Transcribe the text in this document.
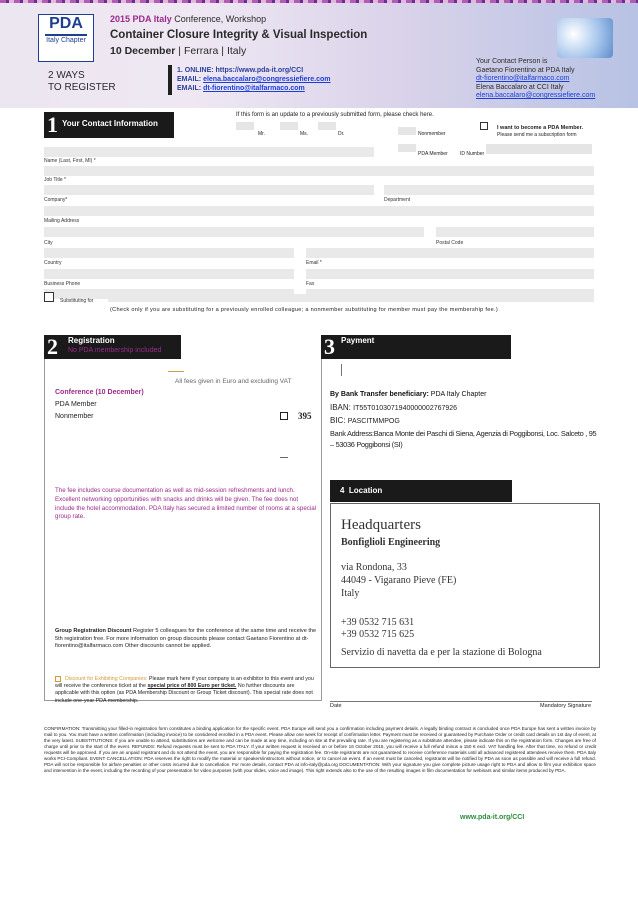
PDA
Italy Chapter
2015 PDA Italy Conference, Workshop
Container Closure Integrity & Visual Inspection
10 December | Ferrara | Italy
2 WAYS
TO REGISTER
1. ONLINE: https://www.pda-it.org/CCI
EMAIL: elena.baccalaro@congressiefiere.com
EMAIL: dt-fiorentino@italfarmaco.com
Your Contact Person is
Gaetano Fiorentino at PDA Italy
dt-fiorentino@italfarmaco.com
Elena Baccalaro at CCI Italy
elena.baccalaro@congressiefiere.com
1 Your Contact Information
If this form is an update to a previously submitted form, please check here.
Mr.	Ms.	Dr.	Nonmember
I want to become a PDA Member.
Please send me a subscription form
PDA Member ID Number
Name (Last, First, MI) *
Job Title *
Company*	Department
Mailing Address
City	Postal Code
Country	Email *
Business Phone	Fax
Substituting for
(Check only if you are substituting for a previously enrolled colleague; a nonmember substituting for member must pay the membership fee.)
2 Registration
No PDA membership included
All fees given in Euro and excluding VAT
Conference (10 December)
PDA Member
Nonmember	395
The fee includes course documentation as well as mid-session refreshments and lunch. Excellent networking opportunities with snacks and drinks will be given. The fee does not include the hotel accommodation. PDA Italy has secured a limited number of rooms at a special group rate.
Group Registration Discount Register 5 colleagues for the conference at the same time and receive the 5th registration free. For more information on group discounts please contact Gaetano Fiorentino at dt-fiorentino@italfarmaco.com Other discounts cannot be applied.
Discount for Exhibiting Companies: Please mark here if your company is an exhibitor to this event and you will receive the conference ticket at the special price of 800 Euro per ticket. No further discounts are applicable with this option (as PDA Membership Discount or Group Ticket discount). This special rate does not include one-year PDA membership.
3 Payment
By Bank Transfer beneficiary: PDA Italy Chapter
IBAN: IT55T0103071940000002767926
BIC: PASCITMMPOG
Bank Address:Banca Monte dei Paschi di Siena, Agenzia di Poggibonsi, Loc. Salceto , 95 – 53036 Poggibonsi (SI)
4 Location
Headquarters
Bonfiglioli Engineering
via Rondona, 33
44049 - Vigarano Pieve (FE)
Italy
+39 0532 715 631
+39 0532 715 625
Servizio di navetta da e per la stazione di Bologna
Date	Mandatory Signature
CONFIRMATION: Transmitting your filled-in registration form constitutes a binding application for the specific event. PDA Europe will send you a confirmation including payment details. A legally binding contract is concluded once PDA Europe has sent a written invoice by mail to you. You must have a written confirmation (including invoice) to be considered enrolled in a PDA event. Please allow one week for receipt of confirmation letter. Payment must be received or guaranteed by Purchase Order or credit card details on 1st day of event, at the very latest. SUBSTITUTIONS: If you are unable to attend, substitutions are welcome and can be made at any time, including on site at the prevailing rate. If you are registering as a substitute attendee, please indicate this on the registration form. Changes are free of charge until prior to the start of the event. REFUNDS: Refund requests must be sent to PDA ITALY. If your written request is received on or before 16 October 2015, you will receive a full refund minus a 150 € excl. VAT handling fee. After that time, no refund or credit requests will be approved. If you are an unpaid registrant and do not attend the event, you are responsible for paying the registration fee. On-site registrants are not guaranteed to receive conference materials until all advanced registered attendees receive them. PDA Italy works PCI-Compliant. EVENT CANCELLATION: PDA reserves the right to modify the material or speakers/instructors without notice, or to cancel an event. If an event must be canceled, registrants will be notified by PDA as soon as possible and will receive a full refund. PDA will not be responsible for airfare penalties or other costs incurred due to cancellation. For more details, contact PDA at info-italy@pda.org DOCUMENTATION: With your signature you give complete picture usage right to PDA and allow to film your exhibition space and intervention in the event, including the recording of your presentation for video purposes (with your slides, voice and image). This right extends also to the use of the resulting images in film documentation for webinars and similar items produced by PDA.
www.pda-it.org/CCI
